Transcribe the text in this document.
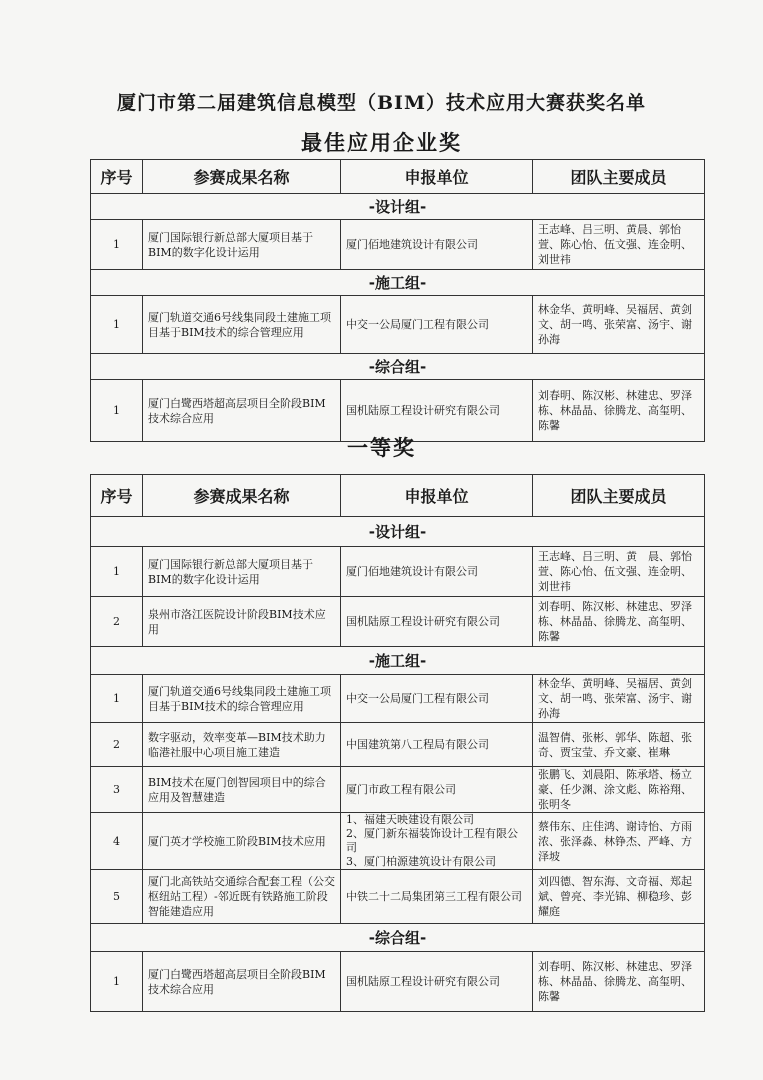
厦门市第二届建筑信息模型（BIM）技术应用大赛获奖名单
最佳应用企业奖
序号	参赛成果名称	申报单位	团队主要成员
-设计组-			
1	厦门国际银行新总部大厦项目基于BIM的数字化设计运用	厦门佰地建筑设计有限公司	王志峰、吕三明、黄晨、郭怡萱、陈心怡、伍文强、连金明、刘世祎
-施工组-			
1	厦门轨道交通6号线集同段土建施工项目基于BIM技术的综合管理应用	中交一公局厦门工程有限公司	林金华、黄明峰、吴福居、黄剑文、胡一鸣、张荣富、汤宇、谢孙海
-综合组-			
1	厦门白鹭西塔超高层项目全阶段BIM技术综合应用	国机陆原工程设计研究有限公司	刘春明、陈汉彬、林建忠、罗泽栋、林晶晶、徐腾龙、高玺明、陈馨
一等奖
序号	参赛成果名称	申报单位	团队主要成员
-设计组-			
1	厦门国际银行新总部大厦项目基于BIM的数字化设计运用	厦门佰地建筑设计有限公司	王志峰、吕三明、黄　晨、郭怡萱、陈心怡、伍文强、连金明、刘世祎
2	泉州市洛江医院设计阶段BIM技术应用	国机陆原工程设计研究有限公司	刘春明、陈汉彬、林建忠、罗泽栋、林晶晶、徐腾龙、高玺明、陈馨
-施工组-			
1	厦门轨道交通6号线集同段土建施工项目基于BIM技术的综合管理应用	中交一公局厦门工程有限公司	林金华、黄明峰、吴福居、黄剑文、胡一鸣、张荣富、汤宇、谢孙海
2	数字驱动，效率变革—BIM技术助力临港社服中心项目施工建造	中国建筑第八工程局有限公司	温智倩、张彬、郭华、陈超、张奇、贾宝莹、乔文豪、崔琳
3	BIM技术在厦门创智园项目中的综合应用及智慧建造	厦门市政工程有限公司	张鹏飞、刘晨阳、陈承塔、杨立豪、任少渊、涂文彪、陈裕翔、张明冬
4	厦门英才学校施工阶段BIM技术应用	1、福建天映建设有限公司
2、厦门新东福装饰设计工程有限公司
3、厦门柏源建筑设计有限公司	蔡伟东、庄佳鸿、谢诗怡、方雨浓、张泽淼、林铮杰、严峰、方泽坡
5	厦门北高铁站交通综合配套工程（公交枢纽站工程）-邻近既有铁路施工阶段智能建造应用	中铁二十二局集团第三工程有限公司	刘四德、智东海、文奇福、郑起斌、曾亮、李光锦、柳稳珍、彭耀庭
-综合组-			
1	厦门白鹭西塔超高层项目全阶段BIM技术综合应用	国机陆原工程设计研究有限公司	刘春明、陈汉彬、林建忠、罗泽栋、林晶晶、徐腾龙、高玺明、陈馨
